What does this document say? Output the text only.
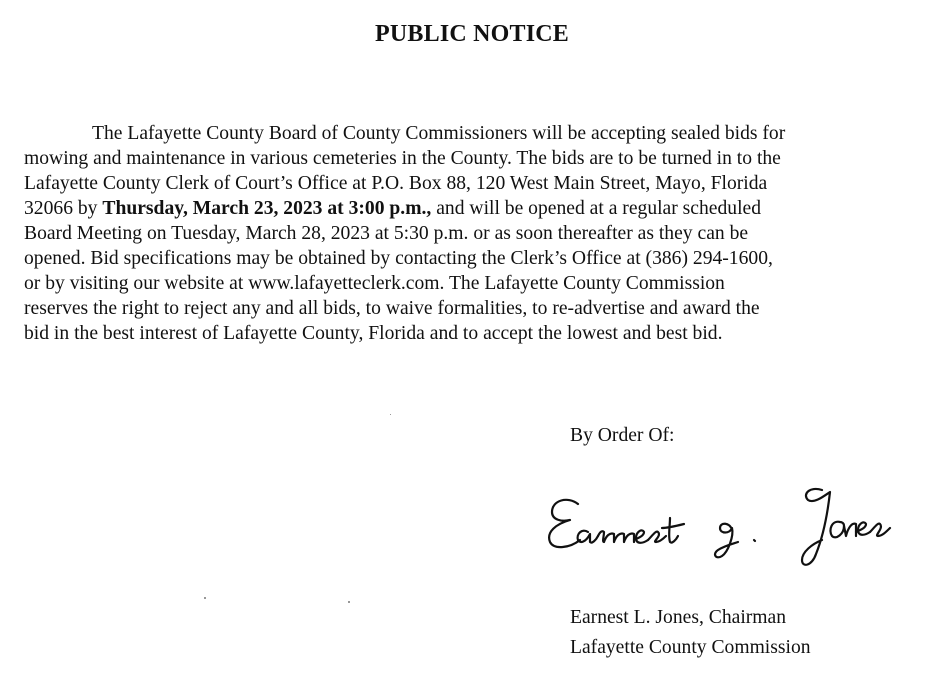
PUBLIC NOTICE
The Lafayette County Board of County Commissioners will be accepting sealed bids for
mowing and maintenance in various cemeteries in the County. The bids are to be turned in to the
Lafayette County Clerk of Court’s Office at P.O. Box 88, 120 West Main Street, Mayo, Florida
32066 by Thursday, March 23, 2023 at 3:00 p.m., and will be opened at a regular scheduled
Board Meeting on Tuesday, March 28, 2023 at 5:30 p.m. or as soon thereafter as they can be
opened. Bid specifications may be obtained by contacting the Clerk’s Office at (386) 294-1600,
or by visiting our website at www.lafayetteclerk.com. The Lafayette County Commission
reserves the right to reject any and all bids, to waive formalities, to re-advertise and award the
bid in the best interest of Lafayette County, Florida and to accept the lowest and best bid.
By Order Of:
Earnest L. Jones, Chairman
Lafayette County Commission
